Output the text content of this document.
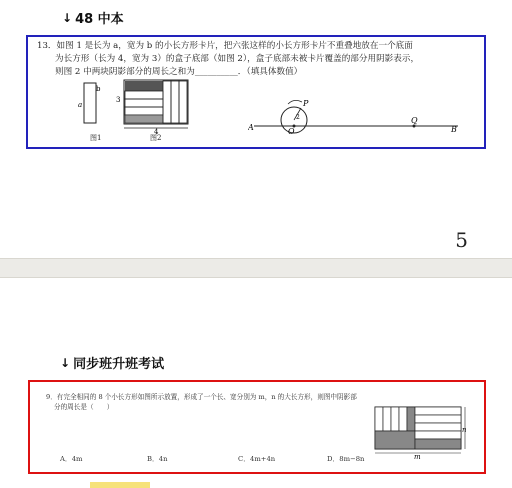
↓ 48 中本
13．如图 1 是长为 a，宽为 b 的小长方形卡片，把六张这样的小长方形卡片不重叠地放在一个底面
为长方形（长为 4，宽为 3）的盒子底部（如图 2），盒子底部未被卡片覆盖的部分用阴影表示，
则图 2 中两块阴影部分的周长之和为__________．（填具体数值）
b
a
图1
3
4
图2
A	O
P
2	Q
B
5
↓ 同步班升班考试
9．有完全相同的 8 个小长方形如图所示放置，形成了一个长、宽分别为 m，n 的大长方形，则图中阴影部
分的周长是（　　）
A．4m	B．4n	C．4m+4n	D．8m−8n
n
m
